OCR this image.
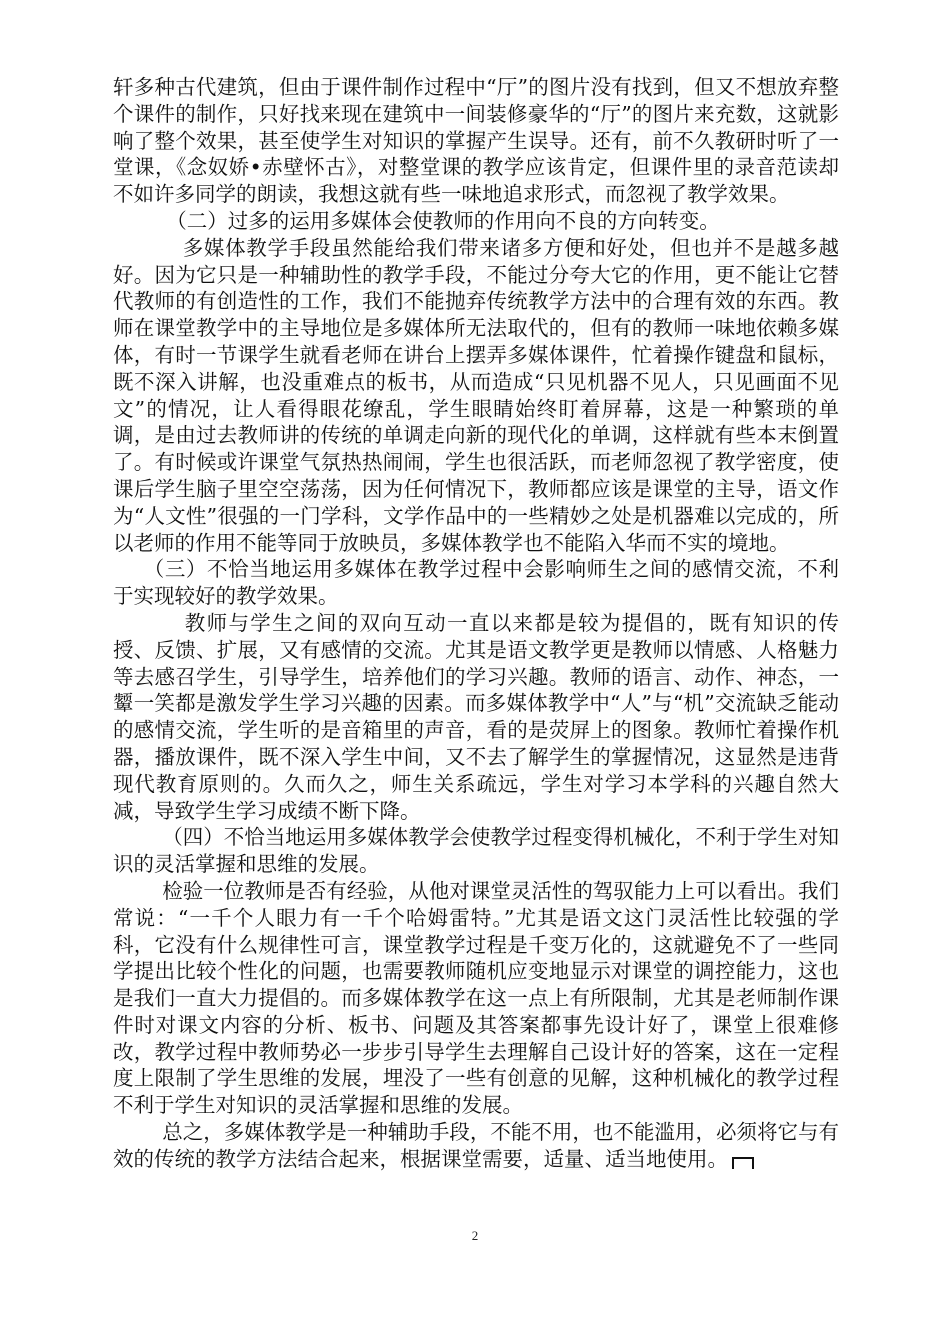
轩多种古代建筑，但由于课件制作过程中“厅”的图片没有找到，但又不想放弃整个课件的制作，只好找来现在建筑中一间装修豪华的“厅”的图片来充数，这就影响了整个效果，甚至使学生对知识的掌握产生误导。还有，前不久教研时听了一堂课，《念奴娇•赤壁怀古》，对整堂课的教学应该肯定，但课件里的录音范读却不如许多同学的朗读，我想这就有些一味地追求形式，而忽视了教学效果。

（二）过多的运用多媒体会使教师的作用向不良的方向转变。

多媒体教学手段虽然能给我们带来诸多方便和好处，但也并不是越多越好。因为它只是一种辅助性的教学手段，不能过分夸大它的作用，更不能让它替代教师的有创造性的工作，我们不能抛弃传统教学方法中的合理有效的东西。教师在课堂教学中的主导地位是多媒体所无法取代的，但有的教师一味地依赖多媒体，有时一节课学生就看老师在讲台上摆弄多媒体课件，忙着操作键盘和鼠标，既不深入讲解，也没重难点的板书，从而造成“只见机器不见人，只见画面不见文”的情况，让人看得眼花缭乱，学生眼睛始终盯着屏幕，这是一种繁琐的单调，是由过去教师讲的传统的单调走向新的现代化的单调，这样就有些本末倒置了。有时候或许课堂气氛热热闹闹，学生也很活跃，而老师忽视了教学密度，使课后学生脑子里空空荡荡，因为任何情况下，教师都应该是课堂的主导，语文作为“人文性”很强的一门学科，文学作品中的一些精妙之处是机器难以完成的，所以老师的作用不能等同于放映员，多媒体教学也不能陷入华而不实的境地。

（三）不恰当地运用多媒体在教学过程中会影响师生之间的感情交流，不利于实现较好的教学效果。

教师与学生之间的双向互动一直以来都是较为提倡的，既有知识的传授、反馈、扩展，又有感情的交流。尤其是语文教学更是教师以情感、人格魅力等去感召学生，引导学生，培养他们的学习兴趣。教师的语言、动作、神态，一颦一笑都是激发学生学习兴趣的因素。而多媒体教学中“人”与“机”交流缺乏能动的感情交流，学生听的是音箱里的声音，看的是荧屏上的图象。教师忙着操作机器，播放课件，既不深入学生中间，又不去了解学生的掌握情况，这显然是违背现代教育原则的。久而久之，师生关系疏远，学生对学习本学科的兴趣自然大减，导致学生学习成绩不断下降。

（四）不恰当地运用多媒体教学会使教学过程变得机械化，不利于学生对知识的灵活掌握和思维的发展。

检验一位教师是否有经验，从他对课堂灵活性的驾驭能力上可以看出。我们常说：“一千个人眼力有一千个哈姆雷特。”尤其是语文这门灵活性比较强的学科，它没有什么规律性可言，课堂教学过程是千变万化的，这就避免不了一些同学提出比较个性化的问题，也需要教师随机应变地显示对课堂的调控能力，这也是我们一直大力提倡的。而多媒体教学在这一点上有所限制，尤其是老师制作课件时对课文内容的分析、板书、问题及其答案都事先设计好了，课堂上很难修改，教学过程中教师势必一步步引导学生去理解自己设计好的答案，这在一定程度上限制了学生思维的发展，埋没了一些有创意的见解，这种机械化的教学过程不利于学生对知识的灵活掌握和思维的发展。

总之，多媒体教学是一种辅助手段，不能不用，也不能滥用，必须将它与有效的传统的教学方法结合起来，根据课堂需要，适量、适当地使用。

2
